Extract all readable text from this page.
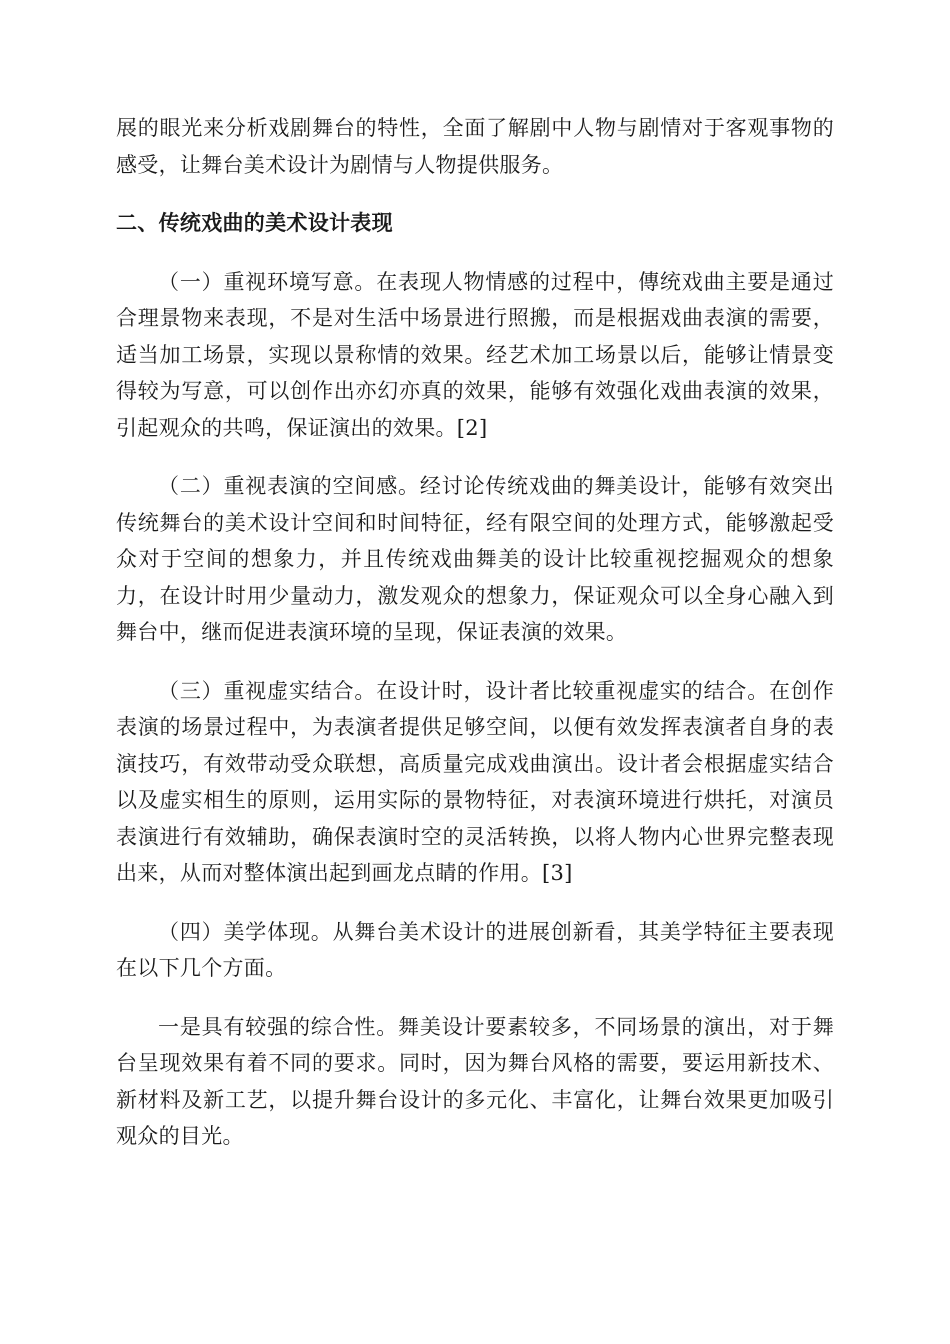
展的眼光来分析戏剧舞台的特性，全面了解剧中人物与剧情对于客观事物的感受，让舞台美术设计为剧情与人物提供服务。

二、传统戏曲的美术设计表现

（一）重视环境写意。在表现人物情感的过程中，傳统戏曲主要是通过合理景物来表现，不是对生活中场景进行照搬，而是根据戏曲表演的需要，适当加工场景，实现以景称情的效果。经艺术加工场景以后，能够让情景变得较为写意，可以创作出亦幻亦真的效果，能够有效强化戏曲表演的效果，引起观众的共鸣，保证演出的效果。[2]

（二）重视表演的空间感。经讨论传统戏曲的舞美设计，能够有效突出传统舞台的美术设计空间和时间特征，经有限空间的处理方式，能够激起受众对于空间的想象力，并且传统戏曲舞美的设计比较重视挖掘观众的想象力，在设计时用少量动力，激发观众的想象力，保证观众可以全身心融入到舞台中，继而促进表演环境的呈现，保证表演的效果。

（三）重视虚实结合。在设计时，设计者比较重视虚实的结合。在创作表演的场景过程中，为表演者提供足够空间，以便有效发挥表演者自身的表演技巧，有效带动受众联想，高质量完成戏曲演出。设计者会根据虚实结合以及虚实相生的原则，运用实际的景物特征，对表演环境进行烘托，对演员表演进行有效辅助，确保表演时空的灵活转换，以将人物内心世界完整表现出来，从而对整体演出起到画龙点睛的作用。[3]

（四）美学体现。从舞台美术设计的进展创新看，其美学特征主要表现在以下几个方面。

一是具有较强的综合性。舞美设计要素较多，不同场景的演出，对于舞台呈现效果有着不同的要求。同时，因为舞台风格的需要，要运用新技术、新材料及新工艺，以提升舞台设计的多元化、丰富化，让舞台效果更加吸引观众的目光。
